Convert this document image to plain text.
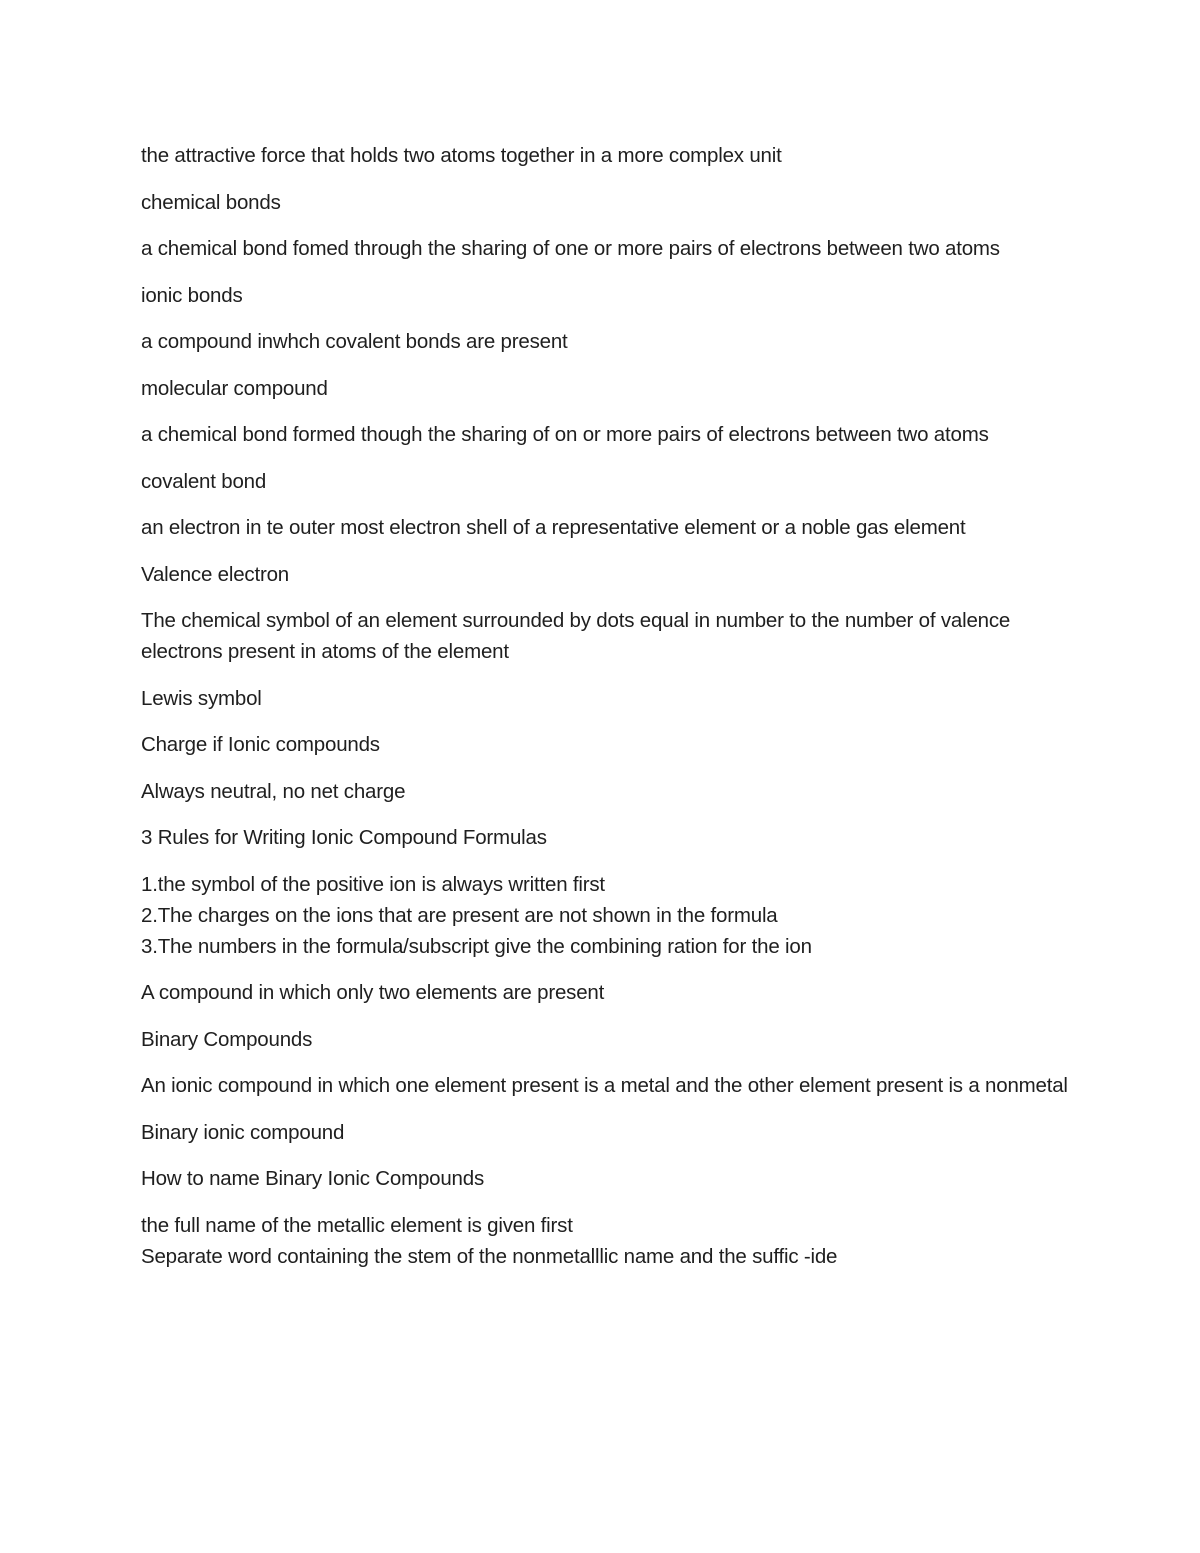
the attractive force that holds two atoms together in a more complex unit

chemical bonds

a chemical bond fomed through the sharing of one or more pairs of electrons between two atoms

ionic bonds

a compound inwhch covalent bonds are present

molecular compound

a chemical bond formed though the sharing of on or more pairs of electrons between two atoms

covalent bond

an electron in te outer most electron shell of a representative element or a noble gas element

Valence electron

The chemical symbol of an element surrounded by dots equal in number to the number of valence electrons present in atoms of the element

Lewis symbol

Charge if Ionic compounds

Always neutral, no net charge

3 Rules for Writing Ionic Compound Formulas

1.the symbol of the positive ion is always written first
2.The charges on the ions that are present are not shown in the formula
3.The numbers in the formula/subscript give the combining ration for the ion

A compound in which only two elements are present

Binary Compounds

An ionic compound in which one element present is a metal and the other element present is a nonmetal

Binary ionic compound

How to name Binary Ionic Compounds

the full name of the metallic element is given first
Separate word containing the stem of the nonmetalllic name and the suffic -ide
